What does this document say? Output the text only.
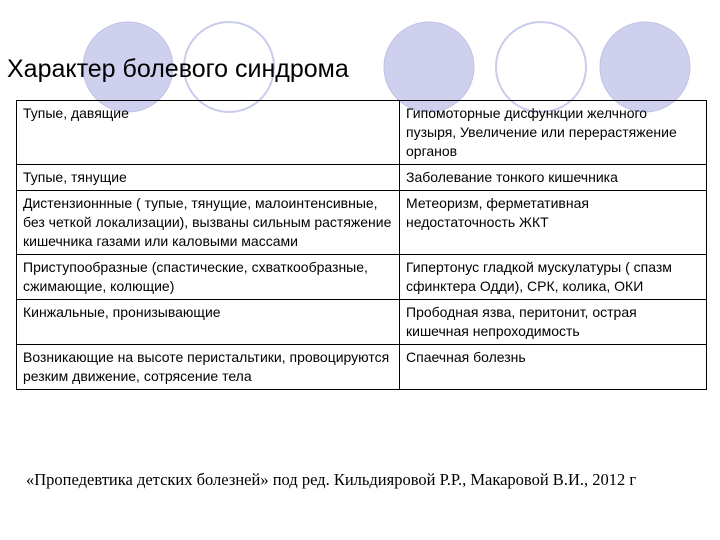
Характер болевого синдрома
Тупые, давящие	Гипомоторные дисфункции желчного пузыря, Увеличение или перерастяжение органов
Тупые, тянущие	Заболевание тонкого кишечника
Дистензионнные ( тупые, тянущие, малоинтенсивные, без четкой локализации), вызваны сильным растяжение кишечника газами или каловыми массами	Метеоризм, ферметативная недостаточность ЖКТ
Приступообразные (спастические, схваткообразные, сжимающие, колющие)	Гипертонус гладкой мускулатуры ( спазм сфинктера Одди), СРК, колика, ОКИ
Кинжальные, пронизывающие	Прободная язва, перитонит, острая кишечная непроходимость
Возникающие на высоте перистальтики, провоцируются резким движение, сотрясение тела	Спаечная болезнь

«Пропедевтика детских болезней» под ред. Кильдияровой Р.Р., Макаровой В.И., 2012 г
